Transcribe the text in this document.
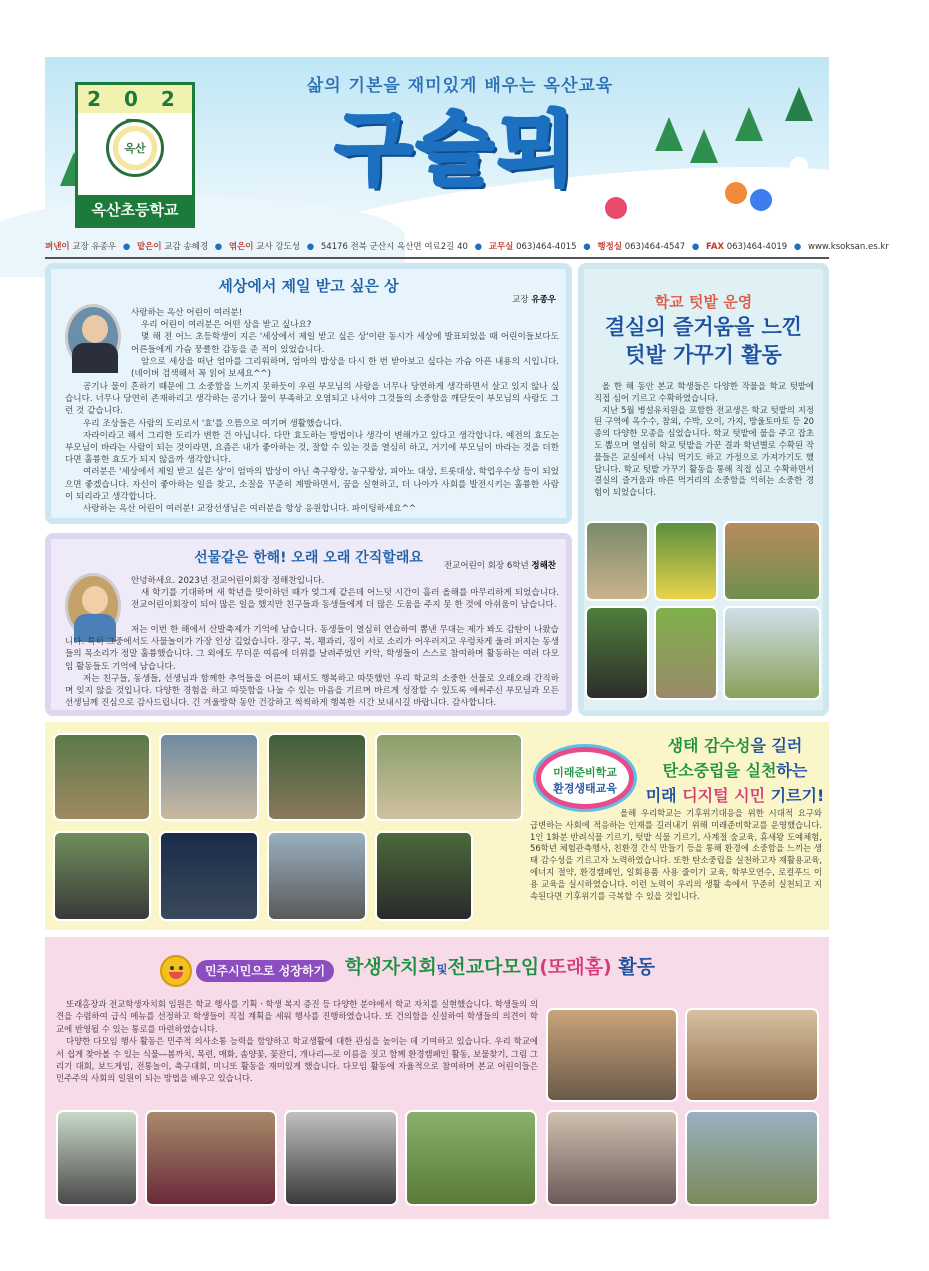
삶의 기본을 재미있게 배우는 옥산교육
구슬뫼
2 0 2
옥산
옥산초등학교
펴낸이 교장 유종우 ● 맡은이 교감 송혜경 ● 엮은이 교사 강도성 ● 54176 전북 군산시 옥산면 여료2길 40 ● 교무실 063)464-4015 ● 행정실 063)464-4547 ● FAX 063)464-4019 ● www.ksoksan.es.kr
세상에서 제일 받고 싶은 상
교장 유종우

사랑하는 옥산 어린이 여러분!

우리 어린이 여러분은 어떤 상을 받고 싶나요?

몇 해 전 어느 초등학생이 지은 '세상에서 제일 받고 싶은 상'이란 동시가 세상에 발표되었을 때 어린이들보다도 어른들에게 가슴 뭉클한 감동을 준 적이 있었습니다.

암으로 세상을 떠난 엄마를 그리워하며, 엄마의 밥상을 다시 한 번 받아보고 싶다는 가슴 아픈 내용의 시입니다.(네이버 검색해서 꼭 읽어 보세요^^)

공기나 물이 흔하기 때문에 그 소중함을 느끼지 못하듯이 우린 부모님의 사랑을 너무나 당연하게 생각하면서 살고 있지 않나 싶습니다. 너무나 당연히 존재하리고 생각하는 공기나 물이 부족하고 오염되고 나서야 그것들의 소중함을 깨닫듯이 부모님의 사랑도 그런 것 같습니다.

우리 조상들은 사람의 도리로서 '효'를 으뜸으로 여기며 생활했습니다.

자라이라고 해서 그리한 도리가 변한 건 아닙니다. 다만 효도하는 방법이나 생각이 변해가고 있다고 생각합니다. 예전의 효도는 부모님이 바라는 사람이 되는 것이라면, 요즘은 내가 좋아하는 것, 잘할 수 있는 것을 열심히 하고, 거기에 부모님이 바라는 것을 더한다면 훌륭한 효도가 되지 않을까 생각합니다.

여러분은 '세상에서 제일 받고 싶은 상'이 엄마의 밥상이 아닌 축구왕상, 농구왕상, 피아노 대상, 트롯대상, 학업우수상 등이 되었으면 좋겠습니다. 자신이 좋아하는 일을 찾고, 소질을 꾸준히 계발하면서, 꿈을 실현하고, 더 나아가 사회를 발전시키는 훌륭한 사람이 되리라고 생각합니다.

사랑하는 옥산 어린이 여러분! 교장선생님은 여러분을 항상 응원합니다. 파이팅하세요^^

선물같은 한해! 오래 오래 간직할래요	전교어린이 회장 6학년 정해찬

안녕하세요. 2023년 전교어린이회장 정해찬입니다.

새 학기를 기대하며 새 학년을 맞이하던 때가 엊그제 같은데 어느덧 시간이 흘러 올해를 마무리하게 되었습니다. 전교어린이회장이 되어 많은 일을 했지만 친구들과 동생들에게 더 많은 도움을 주지 못 한 것에 아쉬움이 남습니다.

저는 이번 한 해에서 산발축제가 기억에 남습니다. 동생들이 열심히 연습하여 뽐낸 무대는 제가 봐도 감탄이 나왔습니다. 특히 그중에서도 사물놀이가 가장 인상 깊었습니다. 장구, 북, 꽹과리, 징이 서로 소리가 어우러지고 우렁차게 울려 퍼지는 동생들의 목소리가 정말 훌륭했습니다. 그 외에도 무더운 여름에 더위를 날려주었던 키악, 학생들이 스스로 참여하며 활동하는 여러 다모임 활동들도 기억에 남습니다.

저는 친구들, 동생들, 선생님과 함께한 추억들을 어른이 돼서도 행복하고 따뜻했던 우리 학교의 소중한 선물로 오래오래 간직하며 잊지 않을 것입니다. 다양한 경험을 하고 따뜻함을 나눌 수 있는 마음을 기르며 바르게 성장할 수 있도록 애써주신 부모님과 모든 선생님께 진심으로 감사드립니다. 긴 겨울방학 동안 건강하고 씩씩하게 행복한 시간 보내시길 바랍니다. 감사합니다.

학교 텃밭 운영
결실의 즐거움을 느낀
텃밭 가꾸기 활동

올 한 해 동안 본교 학생들은 다양한 작물을 학교 텃밭에 직접 심어 기르고 수확하였습니다.

지난 5월 병설유치원을 포함한 전교생은 학교 텃밭의 지정된 구역에 옥수수, 참외, 수박, 오이, 가지, 방울토마토 등 20종의 다양한 모종을 심었습니다. 학교 텃밭에 물을 주고 잡초도 뽑으며 열심히 학교 텃밭을 가꾼 결과 학년별로 수확된 작물들은 교실에서 나눠 먹기도 하고 가정으로 가져가기도 했답니다. 학교 텃밭 가꾸기 활동을 통해 직접 심고 수확하면서 결실의 즐거움과 바른 먹거리의 소중함을 익히는 소중한 경험이 되었습니다.

미래준비학교
환경생태교육
생태 감수성을 길러
탄소중립을 실천하는
미래 디지털 시민 기르기!

올해 우리학교는 기후위기대응을 위한 시대적 요구와 급변하는 사회에 적응하는 인재를 길러내기 위해 미래준비학교를 운영했습니다. 1인 1화분 반려식물 기르기, 텃밭 식물 기르기, 사계절 숲교육, 휴새왕 도예체험, 56학년 체험관측행사, 친환경 간식 만들기 등을 통해 환경에 소중함을 느끼는 생태 감수성을 기르고자 노력하였습니다. 또한 탄소중립을 실천하고자 재활용교육, 에너지 절약, 환경캠페인, 일회용품 사용 줄이기 교육, 학부모연수, 로컬푸드 이용 교육을 실시하였습니다. 이런 노력이 우리의 생활 속에서 꾸준히 실천되고 지속된다면 기후위기를 극복할 수 있을 것입니다.

민주시민으로 성장하기	학생자치회및전교다모임(또래홈) 활동

또래홈장과 전교학생자치회 임원은 학교 행사를 기획ㆍ학생 복지 증진 등 다양한 분야에서 학교 자치를 실현했습니다. 학생들의 의견을 수렴하여 급식 메뉴를 선정하고 학생들이 직접 계획을 세워 행사를 진행하였습니다. 또 건의함을 신설하여 학생들의 의견이 학교에 반영될 수 있는 통로를 마련하였습니다.

다양한 다모임 행사 활동은 민주적 의사소통 능력을 함양하고 학교생활에 대한 관심을 높이는 데 기여하고 있습니다. 우리 학교에서 쉽게 찾아볼 수 있는 식물―봄까치, 목련, 매화, 솜양꽃, 꽃잔디, 개나리―로 이름을 짓고 함께 환경캠페인 활동, 보물찾기, 그림 그리기 대회, 보드게임, 전통놀이, 축구대회, 미니또 활동을 재미있게 했습니다. 다모임 활동에 자율적으로 참여하며 본교 어린이들은 민주주의 사회의 일원이 되는 방법을 배우고 있습니다.
